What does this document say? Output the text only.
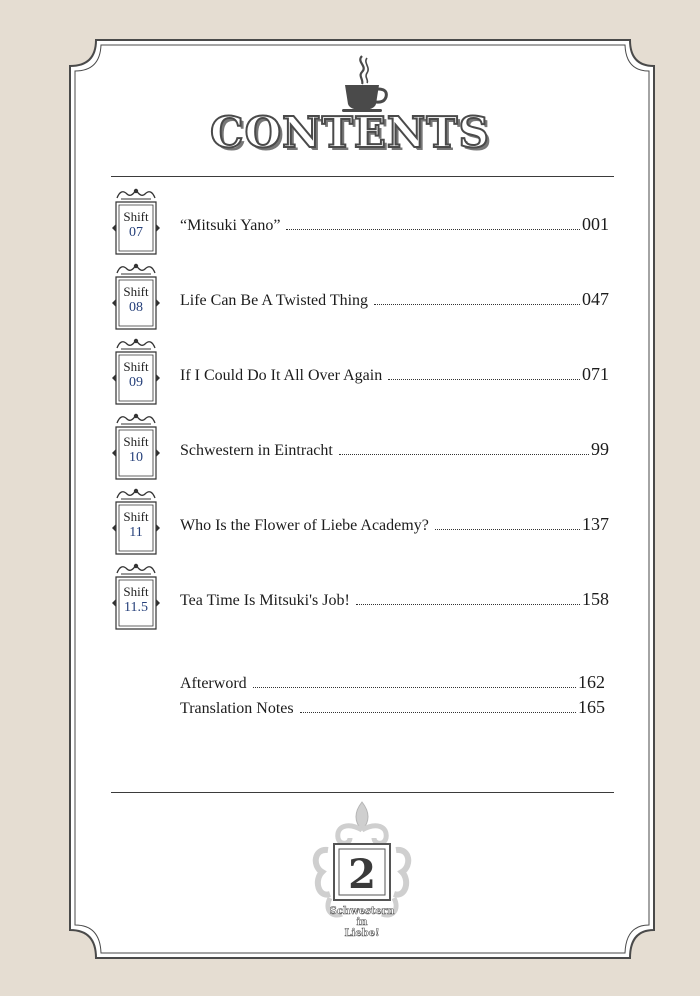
CONTENTS
Shift
07	“Mitsuki Yano”	001
Shift
08	Life Can Be A Twisted Thing	047
Shift
09	If I Could Do It All Over Again	071
Shift
10	Schwestern in Eintracht	99
Shift
11	Who Is the Flower of Liebe Academy?	137
Shift
11.5	Tea Time Is Mitsuki's Job!	158
Afterword	162
Translation Notes	165
2
Schwestern
in
Liebe!
